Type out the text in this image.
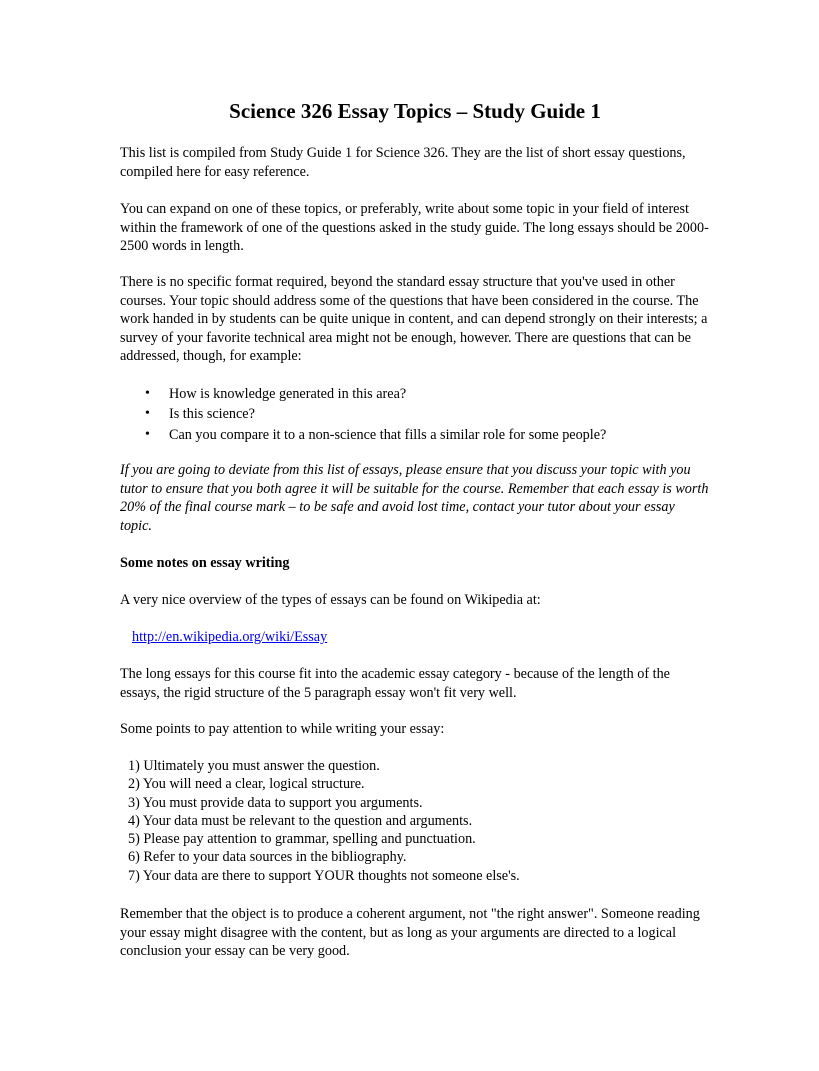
Science 326 Essay Topics – Study Guide 1

This list is compiled from Study Guide 1 for Science 326. They are the list of short essay questions, compiled here for easy reference.

You can expand on one of these topics, or preferably, write about some topic in your field of interest within the framework of one of the questions asked in the study guide. The long essays should be 2000-2500 words in length.

There is no specific format required, beyond the standard essay structure that you've used in other courses. Your topic should address some of the questions that have been considered in the course. The work handed in by students can be quite unique in content, and can depend strongly on their interests; a survey of your favorite technical area might not be enough, however. There are questions that can be addressed, though, for example:

• How is knowledge generated in this area?
• Is this science?
• Can you compare it to a non-science that fills a similar role for some people?

If you are going to deviate from this list of essays, please ensure that you discuss your topic with you tutor to ensure that you both agree it will be suitable for the course. Remember that each essay is worth 20% of the final course mark – to be safe and avoid lost time, contact your tutor about your essay topic.

Some notes on essay writing

A very nice overview of the types of essays can be found on Wikipedia at:

http://en.wikipedia.org/wiki/Essay

The long essays for this course fit into the academic essay category - because of the length of the essays, the rigid structure of the 5 paragraph essay won't fit very well.

Some points to pay attention to while writing your essay:

1) Ultimately you must answer the question.
2) You will need a clear, logical structure.
3) You must provide data to support you arguments.
4) Your data must be relevant to the question and arguments.
5) Please pay attention to grammar, spelling and punctuation.
6) Refer to your data sources in the bibliography.
7) Your data are there to support YOUR thoughts not someone else's.

Remember that the object is to produce a coherent argument, not "the right answer". Someone reading your essay might disagree with the content, but as long as your arguments are directed to a logical conclusion your essay can be very good.
